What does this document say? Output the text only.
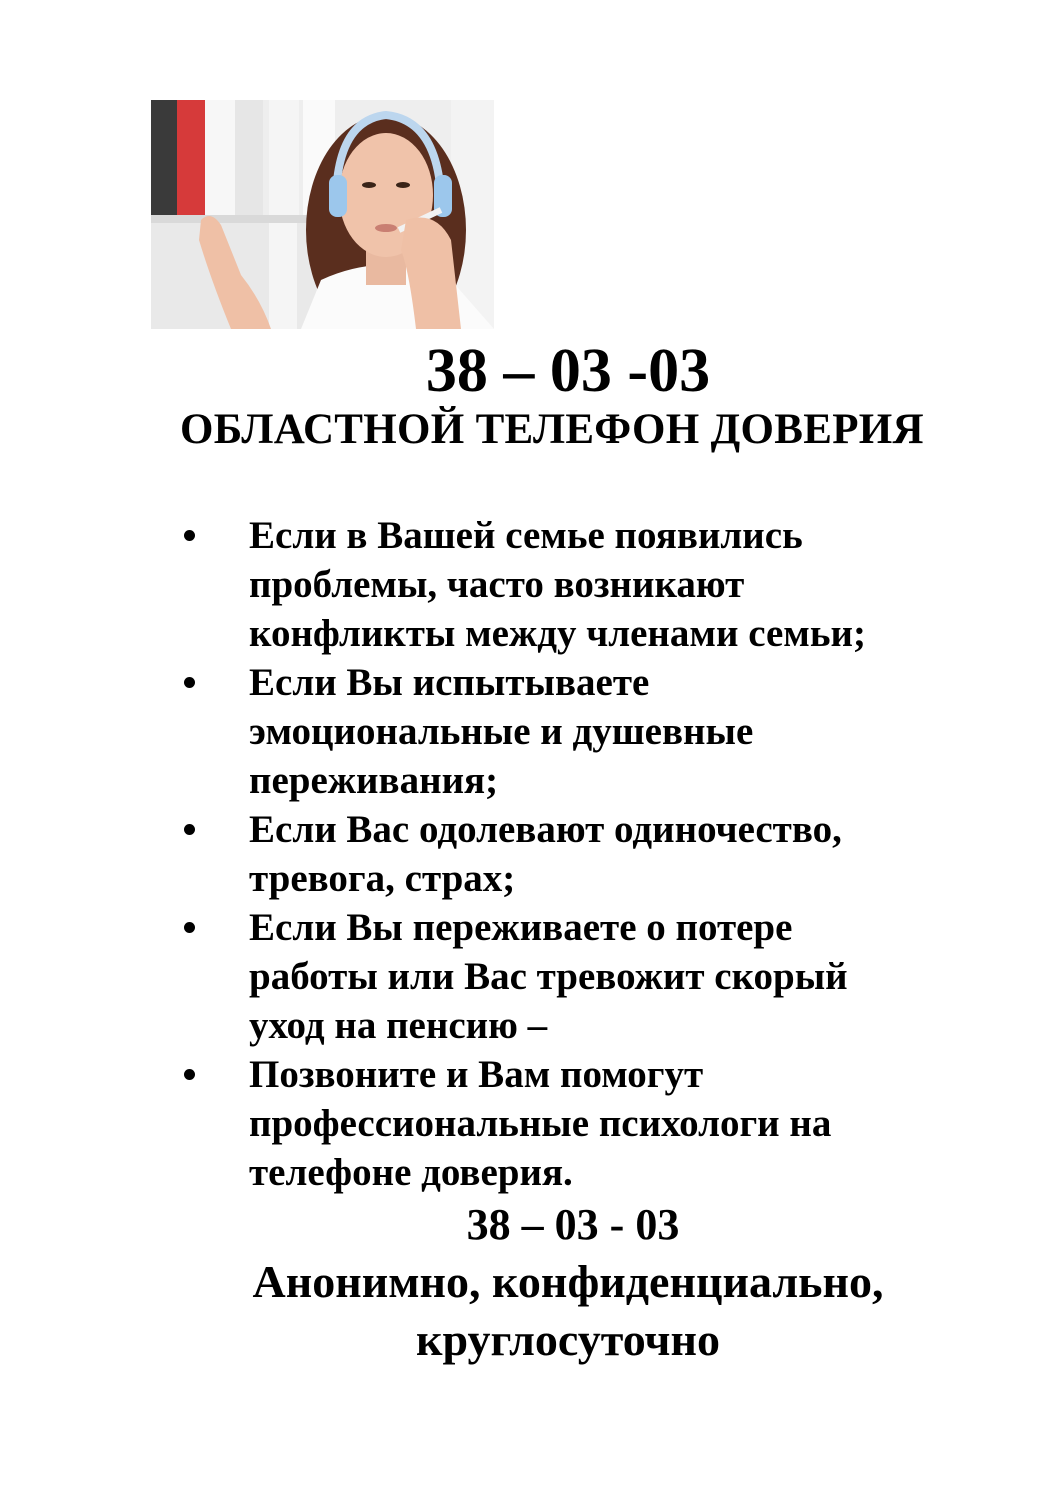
38 – 03 -03
ОБЛАСТНОЙ ТЕЛЕФОН ДОВЕРИЯ
Если в Вашей семье появились
проблемы, часто возникают
конфликты между членами семьи;
Если Вы испытываете
эмоциональные и душевные
переживания;
Если Вас одолевают одиночество,
тревога, страх;
Если Вы переживаете о потере
работы или Вас тревожит скорый
уход на пенсию –
Позвоните и Вам помогут
профессиональные психологи на
телефоне доверия.
38 – 03 - 03
Анонимно, конфиденциально,
круглосуточно
